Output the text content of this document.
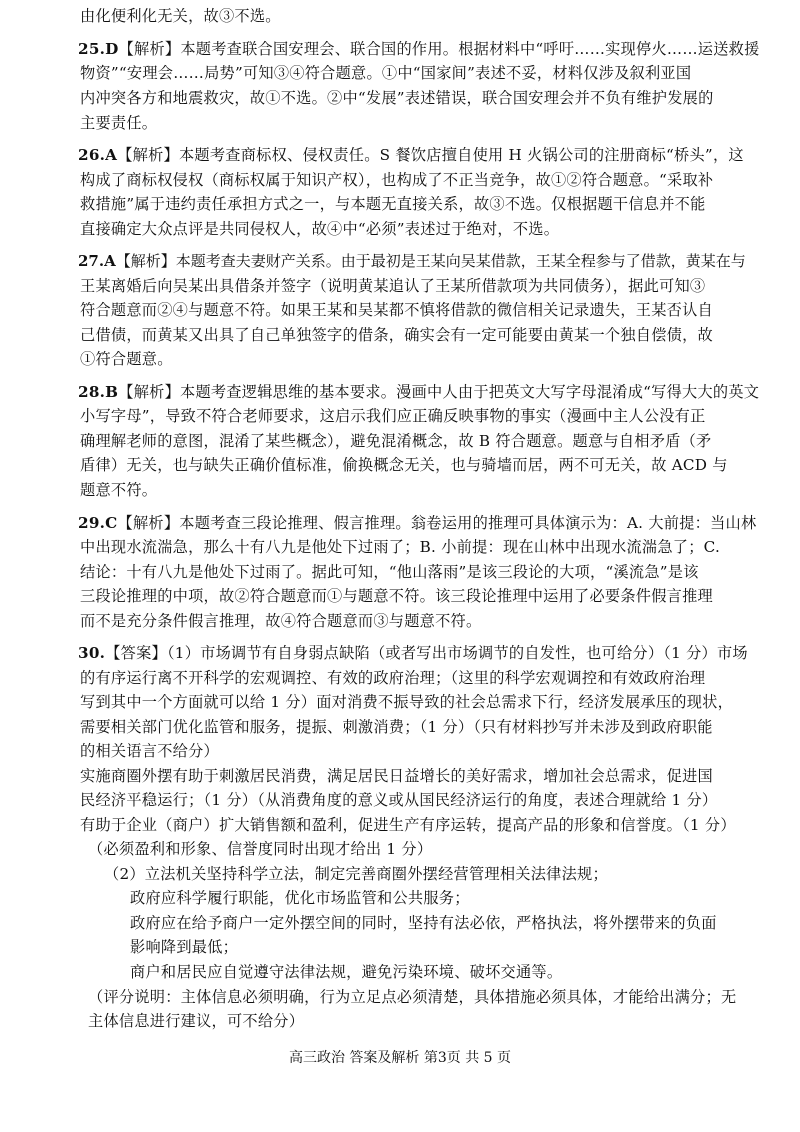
由化便利化无关，故③不选。
25.D【解析】本题考查联合国安理会、联合国的作用。根据材料中“呼吁……实现停火……运送救援
物资”“安理会……局势”可知③④符合题意。①中“国家间”表述不妥，材料仅涉及叙利亚国
内冲突各方和地震救灾，故①不选。②中“发展”表述错误，联合国安理会并不负有维护发展的
主要责任。
26.A【解析】本题考查商标权、侵权责任。S 餐饮店擅自使用 H 火锅公司的注册商标“桥头”，这
构成了商标权侵权（商标权属于知识产权），也构成了不正当竞争，故①②符合题意。“采取补
救措施”属于违约责任承担方式之一，与本题无直接关系，故③不选。仅根据题干信息并不能
直接确定大众点评是共同侵权人，故④中“必须”表述过于绝对，不选。
27.A【解析】本题考查夫妻财产关系。由于最初是王某向吴某借款，王某全程参与了借款，黄某在与
王某离婚后向吴某出具借条并签字（说明黄某追认了王某所借款项为共同债务），据此可知③
符合题意而②④与题意不符。如果王某和吴某都不慎将借款的微信相关记录遗失，王某否认自
己借债，而黄某又出具了自己单独签字的借条，确实会有一定可能要由黄某一个独自偿债，故
①符合题意。
28.B【解析】本题考查逻辑思维的基本要求。漫画中人由于把英文大写字母混淆成“写得大大的英文
小写字母”，导致不符合老师要求，这启示我们应正确反映事物的事实（漫画中主人公没有正
确理解老师的意图，混淆了某些概念），避免混淆概念，故 B 符合题意。题意与自相矛盾（矛
盾律）无关，也与缺失正确价值标准，偷换概念无关，也与骑墙而居，两不可无关，故 ACD 与
题意不符。
29.C【解析】本题考查三段论推理、假言推理。翁卷运用的推理可具体演示为：A. 大前提：当山林
中出现水流湍急，那么十有八九是他处下过雨了；B. 小前提：现在山林中出现水流湍急了；C.
结论：十有八九是他处下过雨了。据此可知，“他山落雨”是该三段论的大项，“溪流急”是该
三段论推理的中项，故②符合题意而①与题意不符。该三段论推理中运用了必要条件假言推理
而不是充分条件假言推理，故④符合题意而③与题意不符。
30.【答案】（1）市场调节有自身弱点缺陷（或者写出市场调节的自发性，也可给分）（1 分）市场
的有序运行离不开科学的宏观调控、有效的政府治理；（这里的科学宏观调控和有效政府治理
写到其中一个方面就可以给 1 分）面对消费不振导致的社会总需求下行，经济发展承压的现状，
需要相关部门优化监管和服务，提振、刺激消费；（1 分）（只有材料抄写并未涉及到政府职能
的相关语言不给分）
实施商圈外摆有助于刺激居民消费，满足居民日益增长的美好需求，增加社会总需求，促进国
民经济平稳运行；（1 分）（从消费角度的意义或从国民经济运行的角度，表述合理就给 1 分）
有助于企业（商户）扩大销售额和盈利，促进生产有序运转，提高产品的形象和信誉度。（1 分）
（必须盈利和形象、信誉度同时出现才给出 1 分）
（2）立法机关坚持科学立法，制定完善商圈外摆经营管理相关法律法规；
政府应科学履行职能，优化市场监管和公共服务；
政府应在给予商户一定外摆空间的同时，坚持有法必依，严格执法，将外摆带来的负面
影响降到最低；
商户和居民应自觉遵守法律法规，避免污染环境、破坏交通等。
（评分说明：主体信息必须明确，行为立足点必须清楚，具体措施必须具体，才能给出满分；无
主体信息进行建议，可不给分）
高三政治 答案及解析 第3页 共 5 页
